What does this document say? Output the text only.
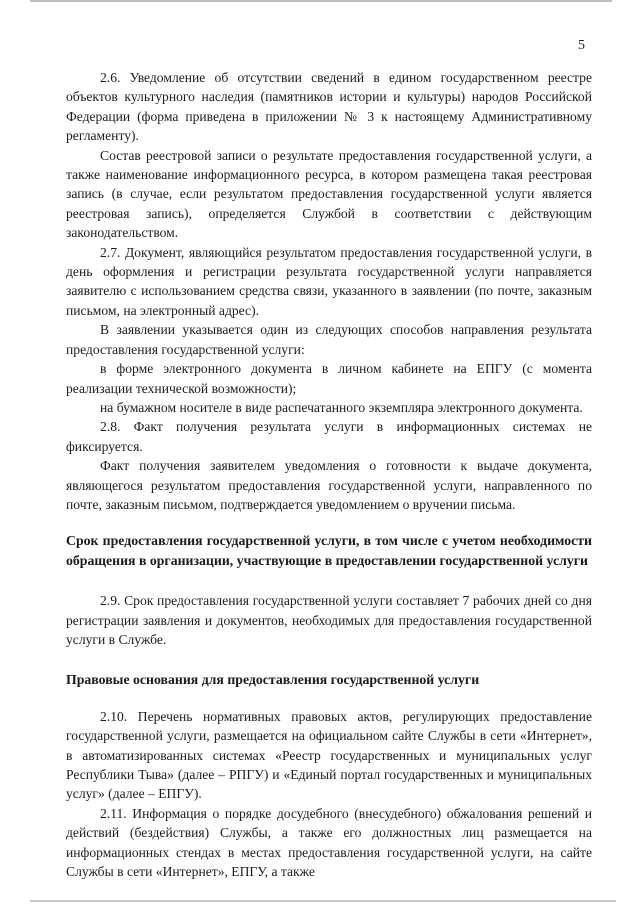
5

2.6. Уведомление об отсутствии сведений в едином государственном реестре объектов культурного наследия (памятников истории и культуры) народов Российской Федерации (форма приведена в приложении № 3 к настоящему Административному регламенту).

Состав реестровой записи о результате предоставления государственной услуги, а также наименование информационного ресурса, в котором размещена такая реестровая запись (в случае, если результатом предоставления государственной услуги является реестровая запись), определяется Службой в соответствии с действующим законодательством.

2.7. Документ, являющийся результатом предоставления государственной услуги, в день оформления и регистрации результата государственной услуги направляется заявителю с использованием средства связи, указанного в заявлении (по почте, заказным письмом, на электронный адрес).

В заявлении указывается один из следующих способов направления результата предоставления государственной услуги:

в форме электронного документа в личном кабинете на ЕПГУ (с момента реализации технической возможности);

на бумажном носителе в виде распечатанного экземпляра электронного документа.

2.8. Факт получения результата услуги в информационных системах не фиксируется.

Факт получения заявителем уведомления о готовности к выдаче документа, являющегося результатом предоставления государственной услуги, направленного по почте, заказным письмом, подтверждается уведомлением о вручении письма.

Срок предоставления государственной услуги, в том числе с учетом необходимости обращения в организации, участвующие в предоставлении государственной услуги

2.9. Срок предоставления государственной услуги составляет 7 рабочих дней со дня регистрации заявления и документов, необходимых для предоставления государственной услуги в Службе.

Правовые основания для предоставления государственной услуги

2.10. Перечень нормативных правовых актов, регулирующих предоставление государственной услуги, размещается на официальном сайте Службы в сети «Интернет», в автоматизированных системах «Реестр государственных и муниципальных услуг Республики Тыва» (далее – РПГУ) и «Единый портал государственных и муниципальных услуг» (далее – ЕПГУ).

2.11. Информация о порядке досудебного (внесудебного) обжалования решений и действий (бездействия) Службы, а также его должностных лиц размещается на информационных стендах в местах предоставления государственной услуги, на сайте Службы в сети «Интернет», ЕПГУ, а также
